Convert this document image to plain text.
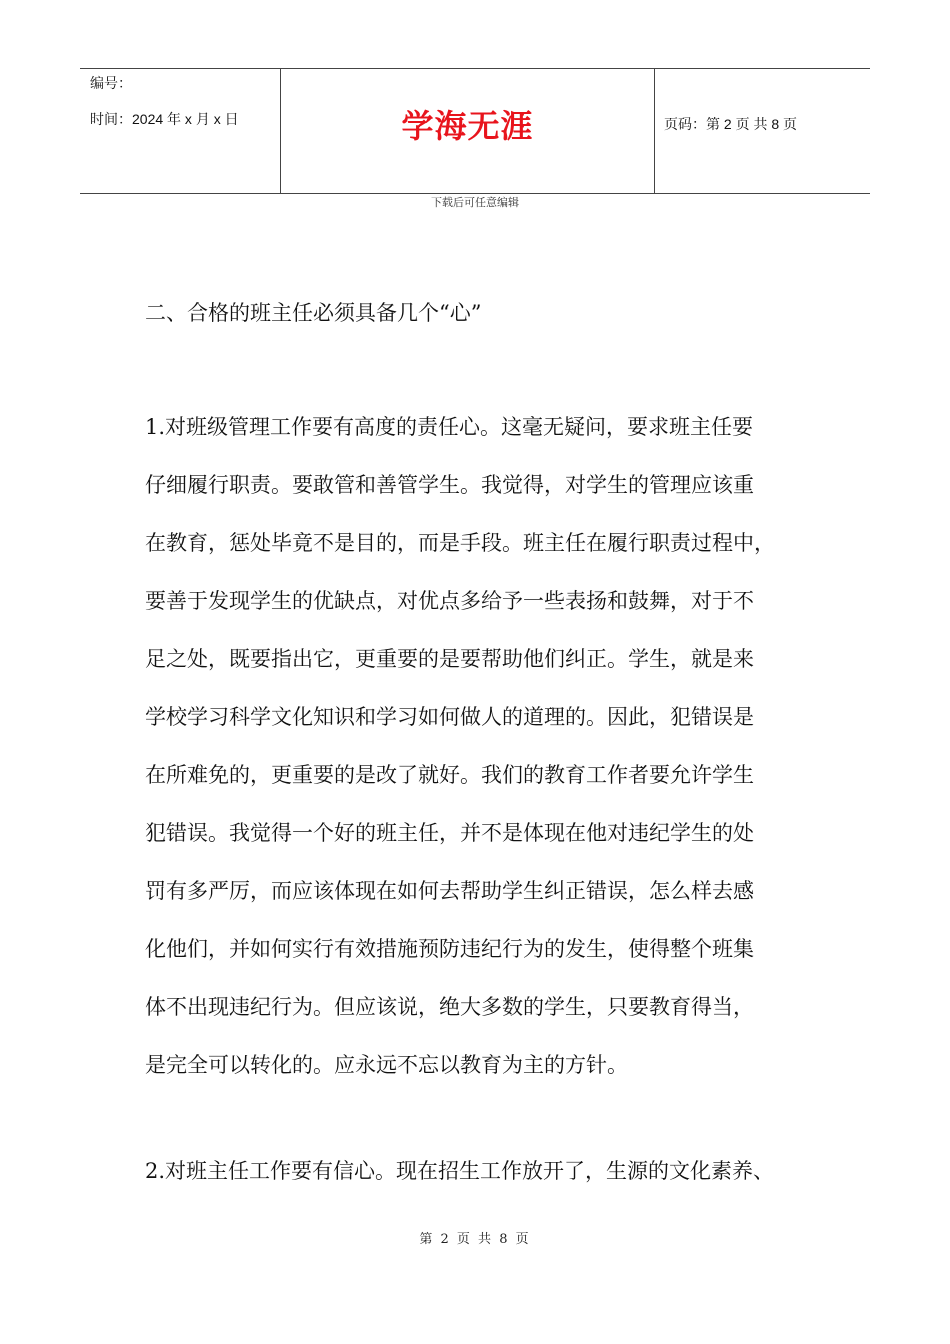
编号：
时间：2024 年 x 月 x 日	学海无涯	页码：第 2 页 共 8 页
下载后可任意编辑
二、合格的班主任必须具备几个“心”
1.对班级管理工作要有高度的责任心。这毫无疑问，要求班主任要
仔细履行职责。要敢管和善管学生。我觉得，对学生的管理应该重
在教育，惩处毕竟不是目的，而是手段。班主任在履行职责过程中，
要善于发现学生的优缺点，对优点多给予一些表扬和鼓舞，对于不
足之处，既要指出它，更重要的是要帮助他们纠正。学生，就是来
学校学习科学文化知识和学习如何做人的道理的。因此，犯错误是
在所难免的，更重要的是改了就好。我们的教育工作者要允许学生
犯错误。我觉得一个好的班主任，并不是体现在他对违纪学生的处
罚有多严厉，而应该体现在如何去帮助学生纠正错误，怎么样去感
化他们，并如何实行有效措施预防违纪行为的发生，使得整个班集
体不出现违纪行为。但应该说，绝大多数的学生，只要教育得当，
是完全可以转化的。应永远不忘以教育为主的方针。
2.对班主任工作要有信心。现在招生工作放开了，生源的文化素养、
第 2 页 共 8 页
